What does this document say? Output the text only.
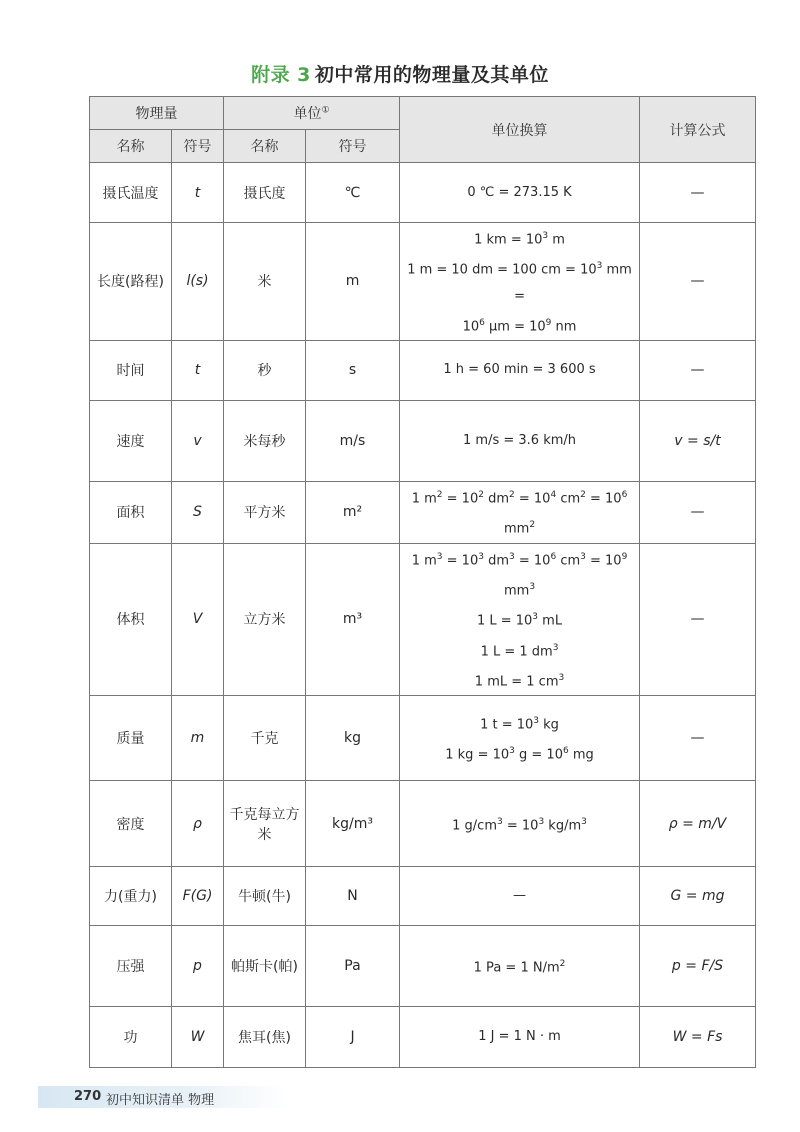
附录 3 初中常用的物理量及其单位
物理量		单位①		单位换算	计算公式
名称	符号	名称	符号		
摄氏温度	t	摄氏度	℃	0 ℃ = 273.15 K	—
长度(路程)	l(s)	米	m	1 km = $10^3$ m
1 m = 10 dm = 100 cm = $10^3$ mm =
$10^6$ $\mu m = 10^9$ nm	—
时间	t	秒	s	1 h = 60 min = 3 600 s	—
速度	v	米每秒	m/s	1 m/s = 3.6 km/h	v = s/t
面积	S	平方米	m²	1 $m^2 = 10^2$ $dm^2 = 10^4$ $cm^2 = 10^6$ $mm^2$	—
体积	V	立方米	m³	1 $m^3 = 10^3$ $dm^3 = 10^6$ $cm^3 = 10^9$ $mm^3$
1 $L = 10^3$ mL
1 L = 1 $dm^3$
1 mL = 1 $cm^3$	—
质量	m	千克	kg	1 $t = 10^3$ kg
1 kg = $10^3$ $g = 10^6$ mg	—
密度	ρ	千克每立方米	kg/m³	1 $g/cm^3 = 10^3$ $kg/m^3$	ρ = m/V
力(重力)	F(G)	牛顿(牛)	N	—	G = mg
压强	p	帕斯卡(帕)	Pa	1 Pa = 1 $N/m^2$	p = F/S
功	W	焦耳(焦)	J	1 J = 1 N · m	W = Fs
270 初中知识清单 物理
